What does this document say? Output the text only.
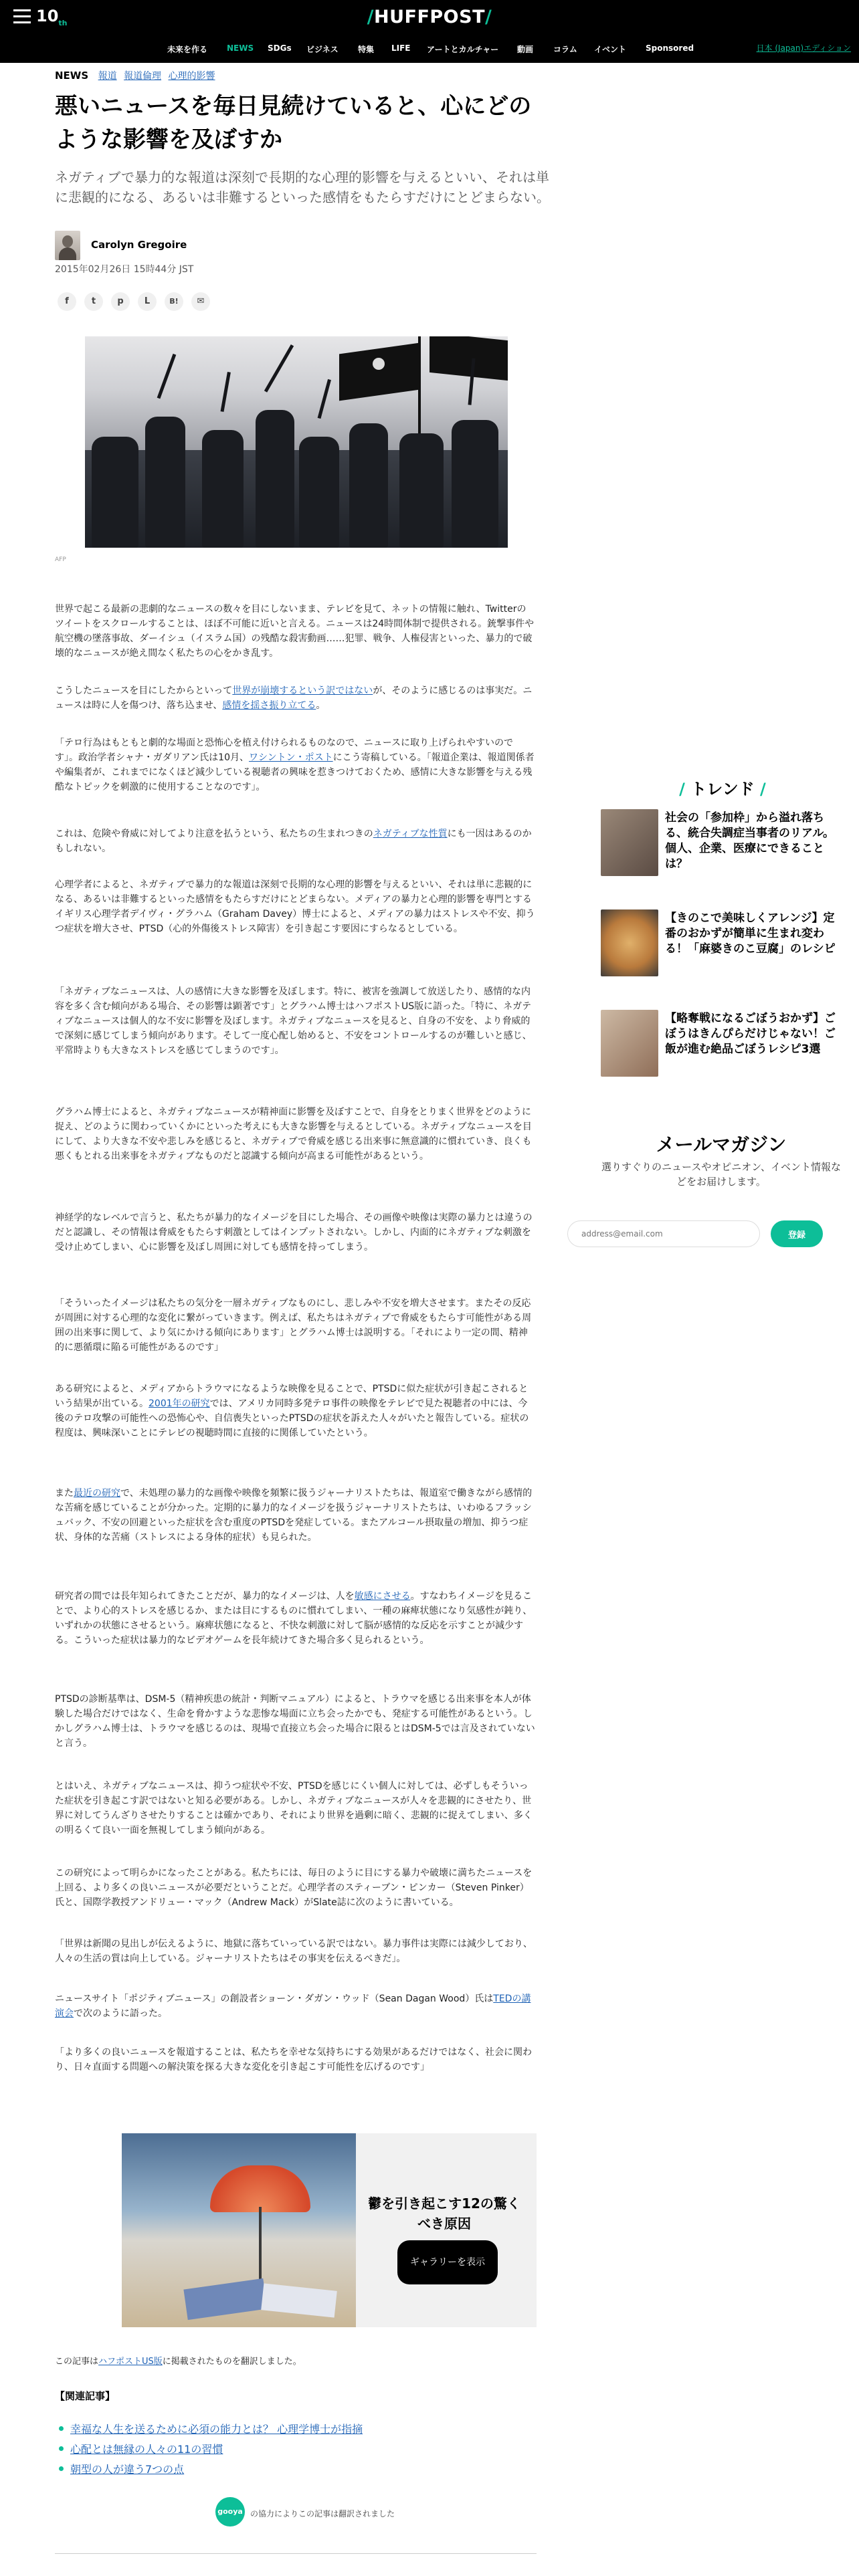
$10_{th}$	/HUFFPOST/
未来を作る NEWS SDGs ビジネス 特集 LIFE アートとカルチャー 動画 コラム イベント Sponsored	日本 (Japan)エディション
NEWS 報道 報道倫理 心理的影響
悪いニュースを毎日見続けていると、心にどのような影響を及ぼすか

ネガティブで暴力的な報道は深刻で長期的な心理的影響を与えるといい、それは単に悲観的になる、あるいは非難するといった感情をもたらすだけにとどまらない。

Carolyn Gregoire
2015年02月26日 15時44分 JST
f	t	p	L	B!	✉
AFP

世界で起こる最新の悲劇的なニュースの数々を目にしないまま、テレビを見て、ネットの情報に触れ、Twitterのツイートをスクロールすることは、ほぼ不可能に近いと言える。ニュースは24時間体制で提供される。銃撃事件や航空機の墜落事故、ダーイシュ（イスラム国）の残酷な殺害動画……犯罪、戦争、人権侵害といった、暴力的で破壊的なニュースが絶え間なく私たちの心をかき乱す。

こうしたニュースを目にしたからといって世界が崩壊するという訳ではないが、そのように感じるのは事実だ。ニュースは時に人を傷つけ、落ち込ませ、感情を揺さ振り立てる。

「テロ行為はもともと劇的な場面と恐怖心を植え付けられるものなので、ニュースに取り上げられやすいのです」。政治学者シャナ・ガダリアン氏は10月、ワシントン・ポストにこう寄稿している。「報道企業は、報道関係者や編集者が、これまでになくほど減少している視聴者の興味を惹きつけておくため、感情に大きな影響を与える残酷なトピックを刺激的に使用することなのです」。

これは、危険や脅威に対してより注意を払うという、私たちの生まれつきのネガティブな性質にも一因はあるのかもしれない。

心理学者によると、ネガティブで暴力的な報道は深刻で長期的な心理的影響を与えるといい、それは単に悲観的になる、あるいは非難するといった感情をもたらすだけにとどまらない。メディアの暴力と心理的影響を専門とするイギリス心理学者デイヴィ・グラハム（Graham Davey）博士によると、メディアの暴力はストレスや不安、抑うつ症状を増大させ、PTSD（心的外傷後ストレス障害）を引き起こす要因にすらなるとしている。

「ネガティブなニュースは、人の感情に大きな影響を及ぼします。特に、被害を強調して放送したり、感情的な内容を多く含む傾向がある場合、その影響は顕著です」とグラハム博士はハフポストUS版に語った。「特に、ネガティブなニュースは個人的な不安に影響を及ぼします。ネガティブなニュースを見ると、自身の不安を、より脅威的で深刻に感じてしまう傾向があります。そして一度心配し始めると、不安をコントロールするのが難しいと感じ、平常時よりも大きなストレスを感じてしまうのです」。

グラハム博士によると、ネガティブなニュースが精神面に影響を及ぼすことで、自身をとりまく世界をどのように捉え、どのように関わっていくかにといった考えにも大きな影響を与えるとしている。ネガティブなニュースを目にして、より大きな不安や悲しみを感じると、ネガティブで脅威を感じる出来事に無意識的に慣れていき、良くも悪くもとれる出来事をネガティブなものだと認識する傾向が高まる可能性があるという。

神経学的なレベルで言うと、私たちが暴力的なイメージを目にした場合、その画像や映像は実際の暴力とは違うのだと認識し、その情報は脅威をもたらす刺激としてはインプットされない。しかし、内面的にネガティブな刺激を受け止めてしまい、心に影響を及ぼし周囲に対しても感情を持ってしまう。

「そういったイメージは私たちの気分を一層ネガティブなものにし、悲しみや不安を増大させます。またその反応が周囲に対する心理的な変化に繋がっていきます。例えば、私たちはネガティブで脅威をもたらす可能性がある周囲の出来事に関して、より気にかける傾向にあります」とグラハム博士は説明する。「それにより一定の間、精神的に悪循環に陥る可能性があるのです」

ある研究によると、メディアからトラウマになるような映像を見ることで、PTSDに似た症状が引き起こされるという結果が出ている。2001年の研究では、アメリカ同時多発テロ事件の映像をテレビで見た視聴者の中には、今後のテロ攻撃の可能性への恐怖心や、自信喪失といったPTSDの症状を訴えた人々がいたと報告している。症状の程度は、興味深いことにテレビの視聴時間に直接的に関係していたという。

また最近の研究で、未処理の暴力的な画像や映像を頻繁に扱うジャーナリストたちは、報道室で働きながら感情的な苦痛を感じていることが分かった。定期的に暴力的なイメージを扱うジャーナリストたちは、いわゆるフラッシュバック、不安の回避といった症状を含む重度のPTSDを発症している。またアルコール摂取量の増加、抑うつ症状、身体的な苦痛（ストレスによる身体的症状）も見られた。

研究者の間では長年知られてきたことだが、暴力的なイメージは、人を敏感にさせる。すなわちイメージを見ることで、より心的ストレスを感じるか、または目にするものに慣れてしまい、一種の麻痺状態になり気感性が鈍り、いずれかの状態にさせるという。麻痺状態になると、不快な刺激に対して脳が感情的な反応を示すことが減少する。こういった症状は暴力的なビデオゲームを長年続けてきた場合多く見られるという。

PTSDの診断基準は、DSM-5（精神疾患の統計・判断マニュアル）によると、トラウマを感じる出来事を本人が体験した場合だけではなく、生命を脅かすような悲惨な場面に立ち会ったかでも、発症する可能性があるという。しかしグラハム博士は、トラウマを感じるのは、現場で直接立ち会った場合に限るとはDSM-5では言及されていないと言う。

とはいえ、ネガティブなニュースは、抑うつ症状や不安、PTSDを感じにくい個人に対しては、必ずしもそういった症状を引き起こす訳ではないと知る必要がある。しかし、ネガティブなニュースが人々を悲観的にさせたり、世界に対してうんざりさせたりすることは確かであり、それにより世界を過剰に暗く、悲観的に捉えてしまい、多くの明るくて良い一面を無視してしまう傾向がある。

この研究によって明らかになったことがある。私たちには、毎日のように目にする暴力や破壊に満ちたニュースを上回る、より多くの良いニュースが必要だということだ。心理学者のスティーブン・ピンカー（Steven Pinker）氏と、国際学教授アンドリュー・マック（Andrew Mack）がSlate誌に次のように書いている。

「世界は新聞の見出しが伝えるように、地獄に落ちていっている訳ではない。暴力事件は実際には減少しており、人々の生活の質は向上している。ジャーナリストたちはその事実を伝えるべきだ」。

ニュースサイト「ポジティブニュース」の創設者ショーン・ダガン・ウッド（Sean Dagan Wood）氏はTEDの講演会で次のように語った。

「より多くの良いニュースを報道することは、私たちを幸せな気持ちにする効果があるだけではなく、社会に関わり、日々直面する問題への解決策を探る大きな変化を引き起こす可能性を広げるのです」

鬱を引き起こす12の驚くべき原因
ギャラリーを表示
この記事はハフポストUS版に掲載されたものを翻訳しました。
【関連記事】
幸福な人生を送るために必須の能力とは？ 心理学博士が指摘
心配とは無縁の人々の11の習慣
朝型の人が違う7つの点
gooya の協力によりこの記事は翻訳されました
/ トレンド /
社会の「参加枠」から溢れ落ちる、統合失調症当事者のリアル。個人、企業、医療にできることは？
【きのこで美味しくアレンジ】定番のおかずが簡単に生まれ変わる！「麻婆きのこ豆腐」のレシピ
【略奪戦になるごぼうおかず】ごぼうはきんぴらだけじゃない！ご飯が進む絶品ごぼうレシピ3選
メールマガジン
選りすぐりのニュースやオピニオン、イベント情報などをお届けします。
address@email.com
登録
